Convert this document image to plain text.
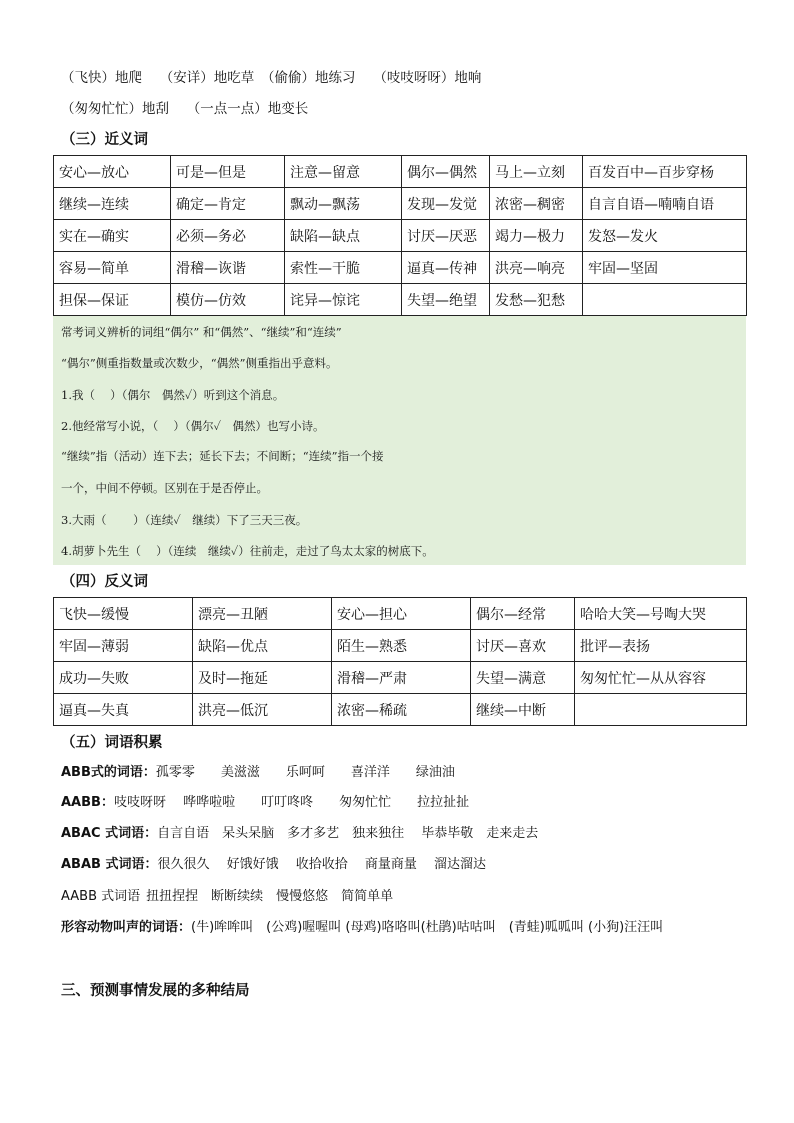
（飞快）地爬　 （安详）地吃草　（偷偷）地练习　 （吱吱呀呀）地响
（匆匆忙忙）地刮　 （一点一点）地变长
（三）近义词
安心—放心	可是—但是	注意—留意	偶尔—偶然	马上—立刻	百发百中—百步穿杨
继续—连续	确定—肯定	飘动—飘荡	发现—发觉	浓密—稠密	自言自语—喃喃自语
实在—确实	必须—务必	缺陷—缺点	讨厌—厌恶	竭力—极力	发怒—发火
容易—简单	滑稽—诙谐	索性—干脆	逼真—传神	洪亮—响亮	牢固—坚固
担保—保证	模仿—仿效	诧异—惊诧	失望—绝望	发愁—犯愁	
常考词义辨析的词组“偶尔” 和“偶然”、“继续”和“连续”
“偶尔”侧重指数量或次数少，“偶然”侧重指出乎意料。
1.我（　 ）（偶尔　偶然✓）听到这个消息。
2.他经常写小说，（　 ）（偶尔✓　偶然）也写小诗。
“继续”指（活动）连下去；延长下去；不间断；“连续”指一个接
一个，中间不停顿。区别在于是否停止。
3.大雨（　　 ）（连续✓　继续）下了三天三夜。
4.胡萝卜先生（　 ）（连续　继续✓）往前走，走过了鸟太太家的树底下。
（四）反义词
飞快—缓慢	漂亮—丑陋	安心—担心	偶尔—经常	哈哈大笑—号啕大哭
牢固—薄弱	缺陷—优点	陌生—熟悉	讨厌—喜欢	批评—表扬
成功—失败	及时—拖延	滑稽—严肃	失望—满意	匆匆忙忙—从从容容
逼真—失真	洪亮—低沉	浓密—稀疏	继续—中断	
（五）词语积累
ABB式的词语：孤零零　　美滋滋　　乐呵呵　　喜洋洋　　绿油油
AABB：吱吱呀呀　 哗哗啦啦　　叮叮咚咚　　匆匆忙忙　　拉拉扯扯
ABAC 式词语：自言自语　呆头呆脑　多才多艺　独来独往　 毕恭毕敬　走来走去
ABAB 式词语：很久很久　 好饿好饿　 收拾收拾　 商量商量　 溜达溜达
AABB 式词语 扭扭捏捏　断断续续　慢慢悠悠　简简单单
形容动物叫声的词语：(牛)哞哞叫　(公鸡)喔喔叫 (母鸡)咯咯叫(杜鹃)咕咕叫　(青蛙)呱呱叫 (小狗)汪汪叫
三、预测事情发展的多种结局
